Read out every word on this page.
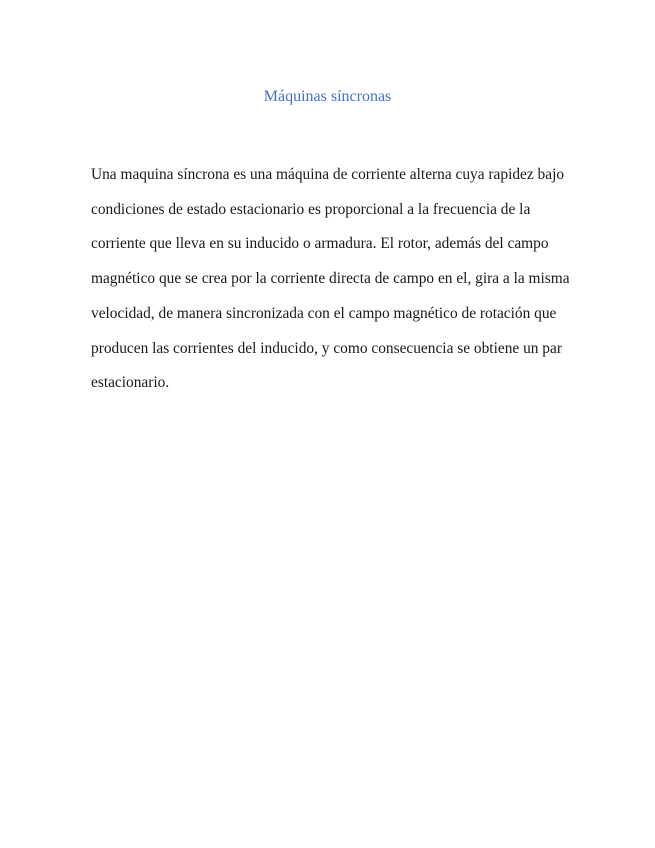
Máquinas síncronas

Una maquina síncrona es una máquina de corriente alterna cuya rapidez bajo
condiciones de estado estacionario es proporcional a la frecuencia de la
corriente que lleva en su inducido o armadura. El rotor, además del campo
magnético que se crea por la corriente directa de campo en el, gira a la misma
velocidad, de manera sincronizada con el campo magnético de rotación que
producen las corrientes del inducido, y como consecuencia se obtiene un par
estacionario.
